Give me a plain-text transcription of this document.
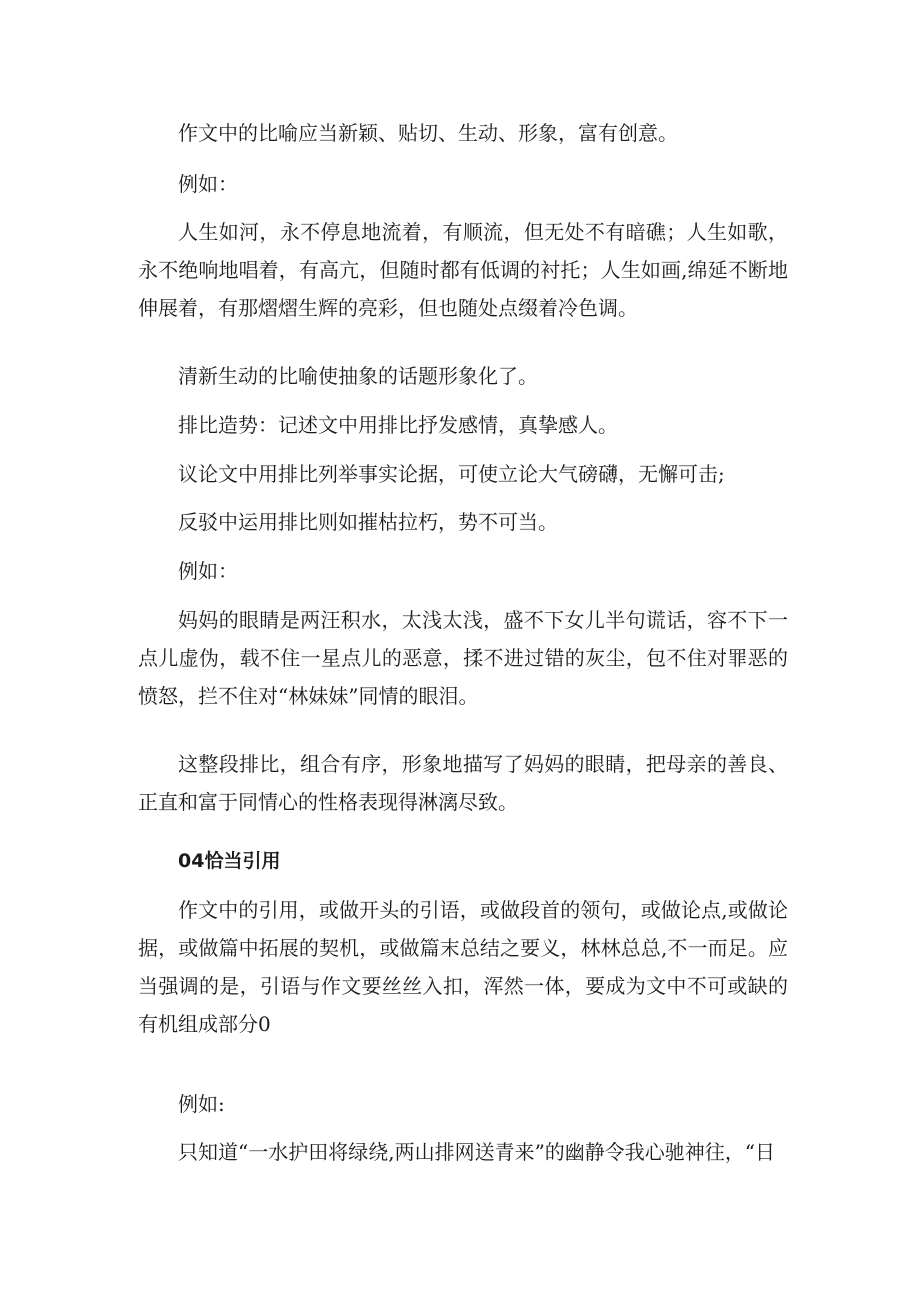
作文中的比喻应当新颖、贴切、生动、形象，富有创意。

例如：

人生如河，永不停息地流着，有顺流，但无处不有暗礁；人生如歌，永不绝响地唱着，有高亢，但随时都有低调的衬托；人生如画,绵延不断地伸展着，有那熠熠生辉的亮彩，但也随处点缀着冷色调。

清新生动的比喻使抽象的话题形象化了。

排比造势：记述文中用排比抒发感情，真挚感人。

议论文中用排比列举事实论据，可使立论大气磅礴，无懈可击;

反驳中运用排比则如摧枯拉朽，势不可当。

例如：

妈妈的眼睛是两汪积水，太浅太浅，盛不下女儿半句谎话，容不下一点儿虚伪，载不住一星点儿的恶意，揉不进过错的灰尘，包不住对罪恶的愤怒，拦不住对“林妹妹”同情的眼泪。

这整段排比，组合有序，形象地描写了妈妈的眼睛，把母亲的善良、正直和富于同情心的性格表现得淋漓尽致。

04恰当引用

作文中的引用，或做开头的引语，或做段首的领句，或做论点,或做论据，或做篇中拓展的契机，或做篇末总结之要义，林林总总,不一而足。应当强调的是，引语与作文要丝丝入扣，浑然一体，要成为文中不可或缺的有机组成部分0

例如:

只知道“一水护田将绿绕,两山排网送青来”的幽静令我心驰神往，“日
